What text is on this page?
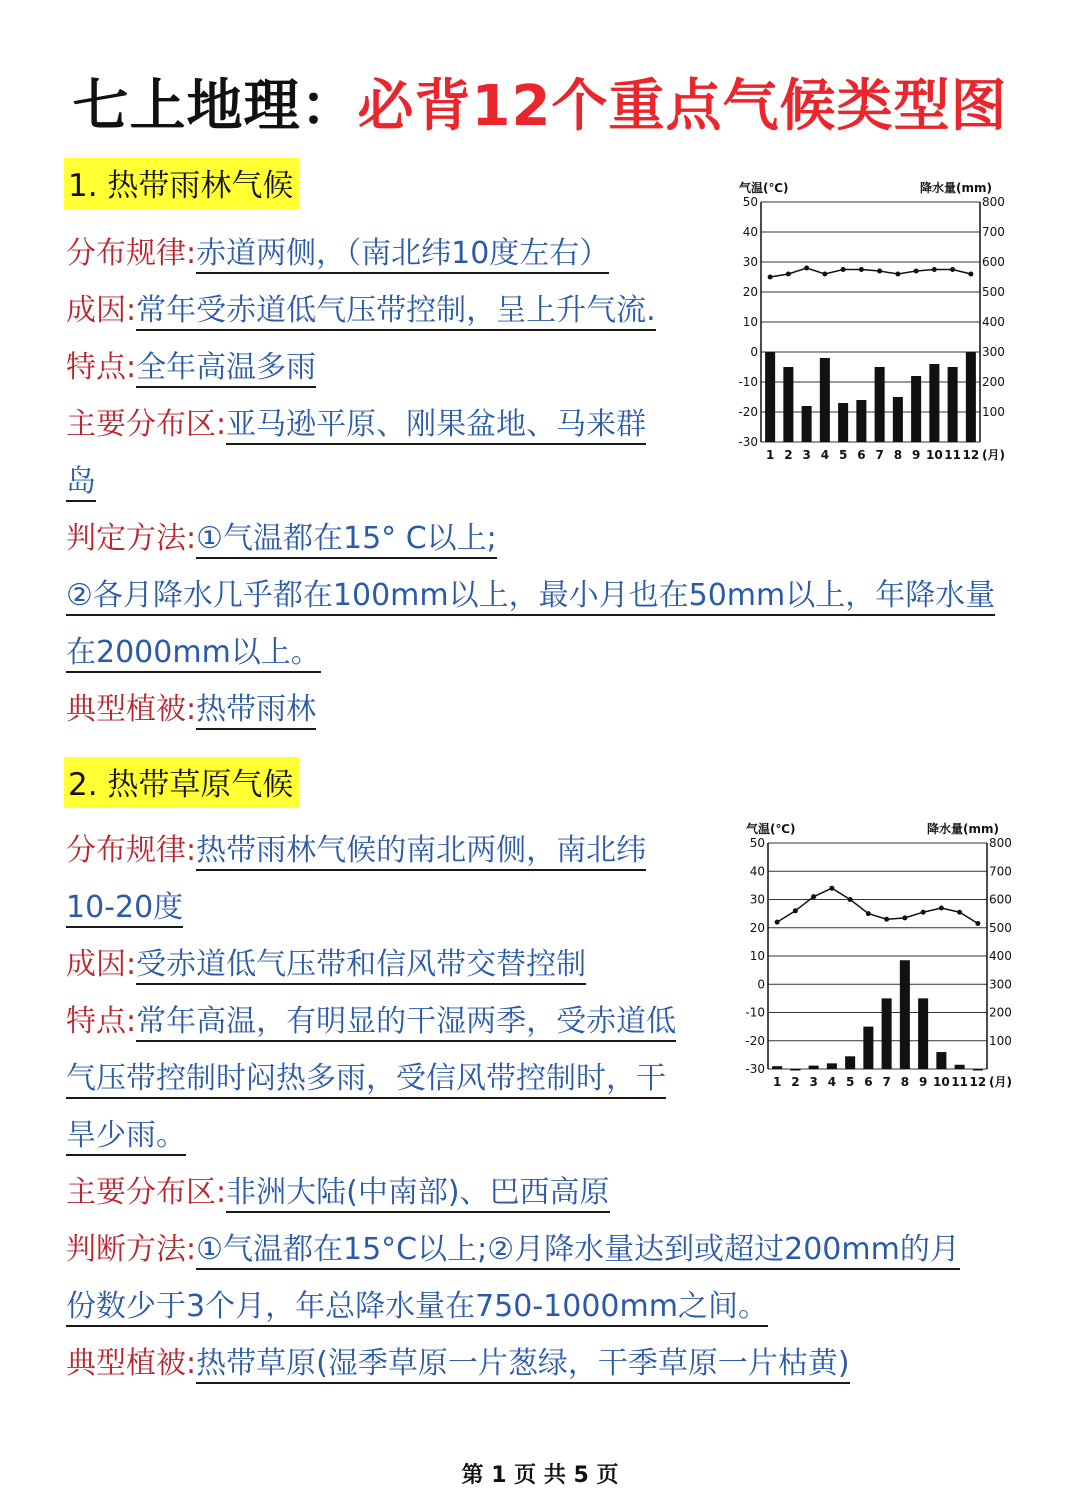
七上地理：必背12个重点气候类型图
1. 热带雨林气候
分布规律:赤道两侧，（南北纬10度左右）
成因:常年受赤道低气压带控制，呈上升气流.
特点:全年高温多雨
主要分布区:亚马逊平原、刚果盆地、马来群
岛
判定方法:①气温都在15° C以上;
②各月降水几乎都在100mm以上，最小月也在50mm以上，年降水量
在2000mm以上。
典型植被:热带雨林
气温(℃)	降水量(mm)
50
40
30
20
10
0
-10
-20
-30
800
700
600
500
400
300
200
100
1 2 3 4 5 6 7 8 9 10 11 12 (月)
2. 热带草原气候
分布规律:热带雨林气候的南北两侧，南北纬
10-20度
成因:受赤道低气压带和信风带交替控制
特点:常年高温，有明显的干湿两季，受赤道低
气压带控制时闷热多雨，受信风带控制时，干
旱少雨。
主要分布区:非洲大陆(中南部)、巴西高原
判断方法:①气温都在15°C以上;②月降水量达到或超过200mm的月
份数少于3个月，年总降水量在750-1000mm之间。
典型植被:热带草原(湿季草原一片葱绿，干季草原一片枯黄)
气温(℃)	降水量(mm)
50
40
30
20
10
0
-10
-20
-30
800
700
600
500
400
300
200
100
1 2 3 4 5 6 7 8 9 10 11 12 (月)
第 1 页 共 5 页
